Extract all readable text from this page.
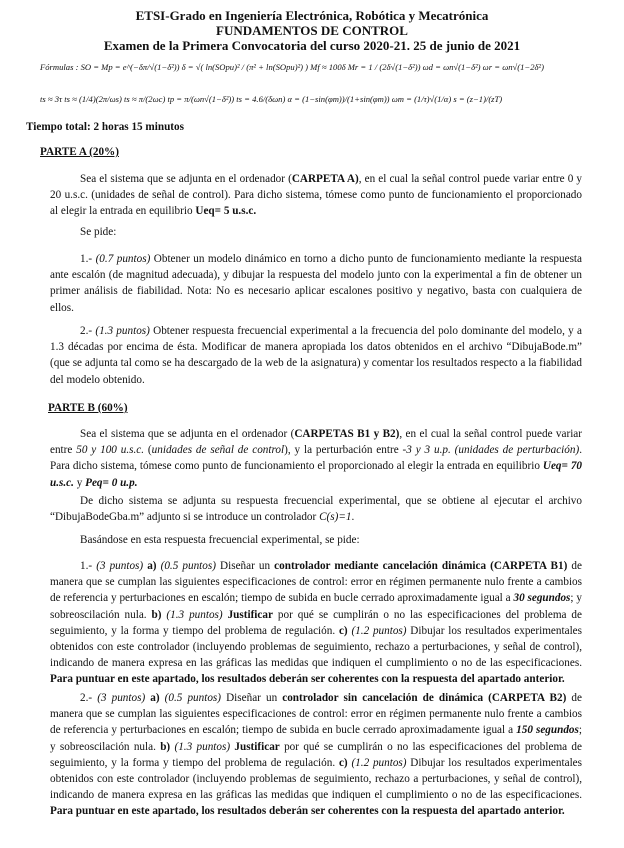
ETSI-Grado en Ingeniería Electrónica, Robótica y Mecatrónica
FUNDAMENTOS DE CONTROL
Examen de la Primera Convocatoria del curso 2020-21. 25 de junio de 2021
Fórmulas : SO = Mp = e^(−δπ/√(1−δ²)) δ = √( ln(SOpu)² / (π² + ln(SOpu)²) ) Mf ≈ 100δ Mr = 1 / (2δ√(1−δ²)) ωd = ωn√(1−δ²) ωr = ωn√(1−2δ²)
ts ≈ 3τ ts ≈ (1/4)(2π/ωs) ts ≈ π/(2ωc) tp = π/(ωn√(1−δ²)) ts = 4.6/(δωn) α = (1−sin(φm))/(1+sin(φm)) ωm = (1/τ)√(1/α) s = (z−1)/(zT)
Tiempo total: 2 horas 15 minutos
PARTE A (20%)
Sea el sistema que se adjunta en el ordenador (CARPETA A), en el cual la señal control puede variar entre 0 y 20 u.s.c. (unidades de señal de control). Para dicho sistema, tómese como punto de funcionamiento el proporcionado al elegir la entrada en equilibrio Ueq= 5 u.s.c.
Se pide:
1.- (0.7 puntos) Obtener un modelo dinámico en torno a dicho punto de funcionamiento mediante la respuesta ante escalón (de magnitud adecuada), y dibujar la respuesta del modelo junto con la experimental a fin de obtener un primer análisis de fiabilidad. Nota: No es necesario aplicar escalones positivo y negativo, basta con cualquiera de ellos.
2.- (1.3 puntos) Obtener respuesta frecuencial experimental a la frecuencia del polo dominante del modelo, y a 1.3 décadas por encima de ésta. Modificar de manera apropiada los datos obtenidos en el archivo “DibujaBode.m” (que se adjunta tal como se ha descargado de la web de la asignatura) y comentar los resultados respecto a la fiabilidad del modelo obtenido.
PARTE B (60%)
Sea el sistema que se adjunta en el ordenador (CARPETAS B1 y B2), en el cual la señal control puede variar entre 50 y 100 u.s.c. (unidades de señal de control), y la perturbación entre -3 y 3 u.p. (unidades de perturbación). Para dicho sistema, tómese como punto de funcionamiento el proporcionado al elegir la entrada en equilibrio Ueq= 70 u.s.c. y Peq= 0 u.p.
De dicho sistema se adjunta su respuesta frecuencial experimental, que se obtiene al ejecutar el archivo “DibujaBodeGba.m” adjunto si se introduce un controlador C(s)=1.
Basándose en esta respuesta frecuencial experimental, se pide:
1.- (3 puntos) a) (0.5 puntos) Diseñar un controlador mediante cancelación dinámica (CARPETA B1) de manera que se cumplan las siguientes especificaciones de control: error en régimen permanente nulo frente a cambios de referencia y perturbaciones en escalón; tiempo de subida en bucle cerrado aproximadamente igual a 30 segundos; y sobreoscilación nula. b) (1.3 puntos) Justificar por qué se cumplirán o no las especificaciones del problema de seguimiento, y la forma y tiempo del problema de regulación. c) (1.2 puntos) Dibujar los resultados experimentales obtenidos con este controlador (incluyendo problemas de seguimiento, rechazo a perturbaciones, y señal de control), indicando de manera expresa en las gráficas las medidas que indiquen el cumplimiento o no de las especificaciones. Para puntuar en este apartado, los resultados deberán ser coherentes con la respuesta del apartado anterior.
2.- (3 puntos) a) (0.5 puntos) Diseñar un controlador sin cancelación de dinámica (CARPETA B2) de manera que se cumplan las siguientes especificaciones de control: error en régimen permanente nulo frente a cambios de referencia y perturbaciones en escalón; tiempo de subida en bucle cerrado aproximadamente igual a 150 segundos; y sobreoscilación nula. b) (1.3 puntos) Justificar por qué se cumplirán o no las especificaciones del problema de seguimiento, y la forma y tiempo del problema de regulación. c) (1.2 puntos) Dibujar los resultados experimentales obtenidos con este controlador (incluyendo problemas de seguimiento, rechazo a perturbaciones, y señal de control), indicando de manera expresa en las gráficas las medidas que indiquen el cumplimiento o no de las especificaciones. Para puntuar en este apartado, los resultados deberán ser coherentes con la respuesta del apartado anterior.
